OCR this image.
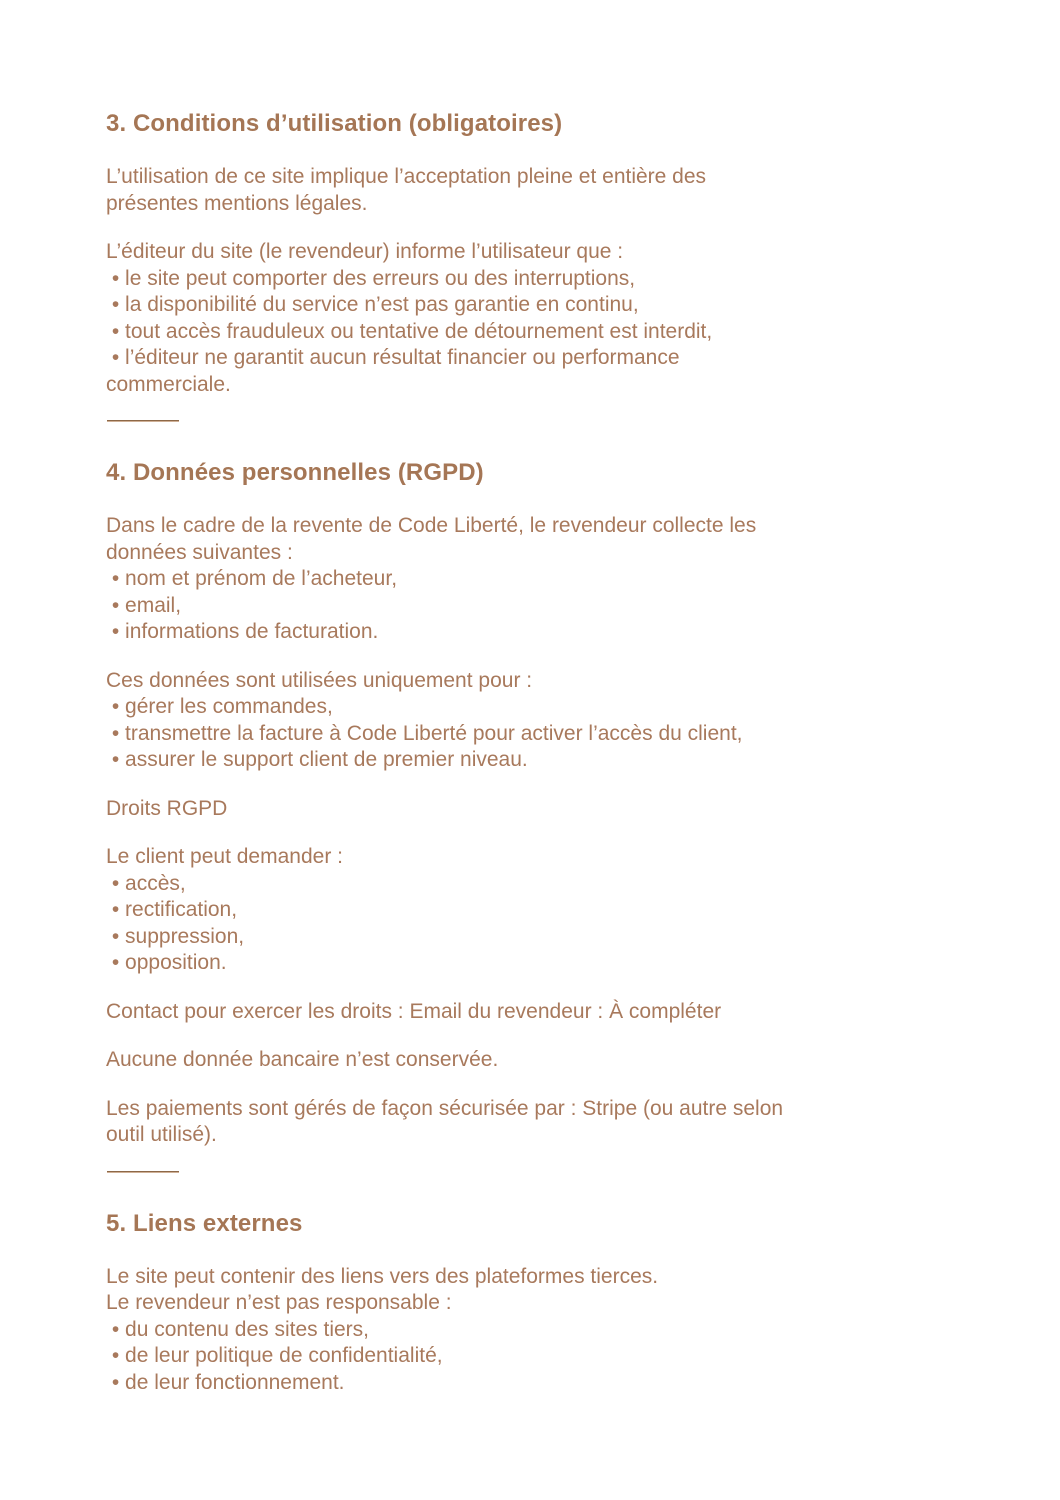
3. Conditions d’utilisation (obligatoires)

L’utilisation de ce site implique l’acceptation pleine et entière des
présentes mentions légales.

L’éditeur du site (le revendeur) informe l’utilisateur que :
• le site peut comporter des erreurs ou des interruptions,
• la disponibilité du service n’est pas garantie en continu,
• tout accès frauduleux ou tentative de détournement est interdit,
• l’éditeur ne garantit aucun résultat financier ou performance
commerciale.

4. Données personnelles (RGPD)

Dans le cadre de la revente de Code Liberté, le revendeur collecte les
données suivantes :
• nom et prénom de l’acheteur,
• email,
• informations de facturation.

Ces données sont utilisées uniquement pour :
• gérer les commandes,
• transmettre la facture à Code Liberté pour activer l’accès du client,
• assurer le support client de premier niveau.

Droits RGPD

Le client peut demander :
• accès,
• rectification,
• suppression,
• opposition.

Contact pour exercer les droits : Email du revendeur : À compléter

Aucune donnée bancaire n’est conservée.

Les paiements sont gérés de façon sécurisée par : Stripe (ou autre selon
outil utilisé).

5. Liens externes

Le site peut contenir des liens vers des plateformes tierces.
Le revendeur n’est pas responsable :
• du contenu des sites tiers,
• de leur politique de confidentialité,
• de leur fonctionnement.
